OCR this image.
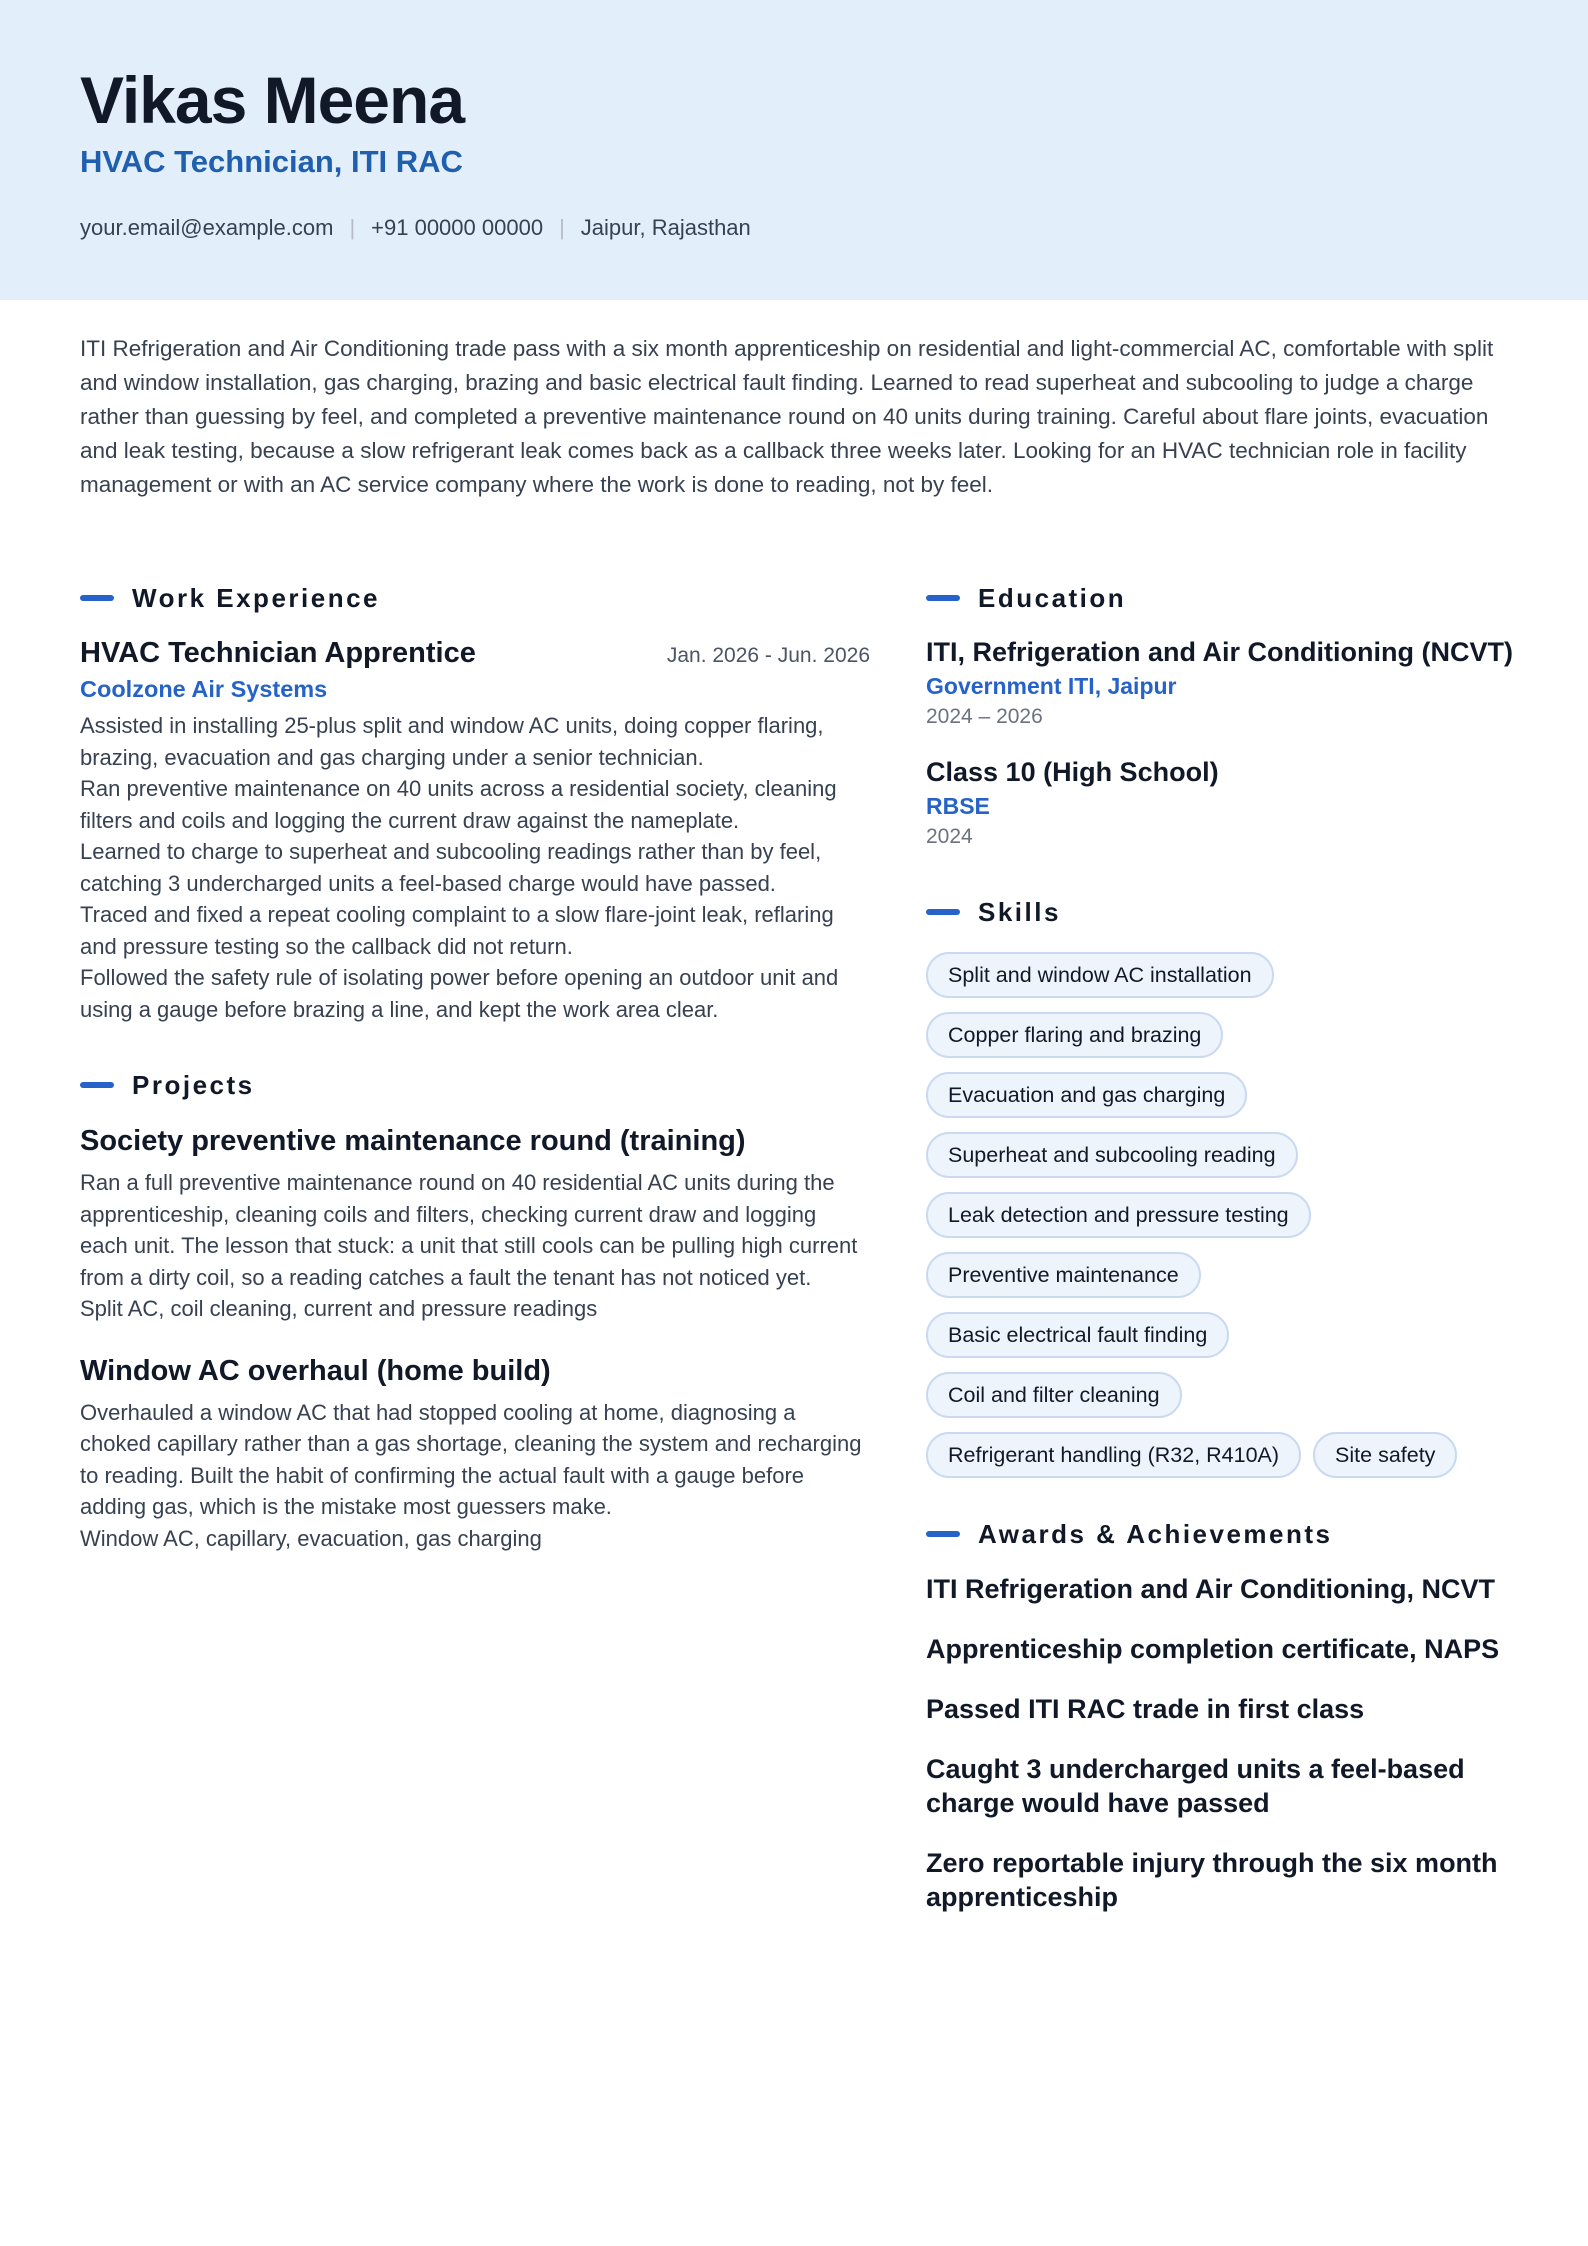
Vikas Meena
HVAC Technician, ITI RAC
your.email@example.com | +91 00000 00000 | Jaipur, Rajasthan
ITI Refrigeration and Air Conditioning trade pass with a six month apprenticeship on residential and light-commercial AC, comfortable with split and window installation, gas charging, brazing and basic electrical fault finding. Learned to read superheat and subcooling to judge a charge rather than guessing by feel, and completed a preventive maintenance round on 40 units during training. Careful about flare joints, evacuation and leak testing, because a slow refrigerant leak comes back as a callback three weeks later. Looking for an HVAC technician role in facility management or with an AC service company where the work is done to reading, not by feel.
Work Experience
HVAC Technician Apprentice	Jan. 2026 - Jun. 2026
Coolzone Air Systems
Assisted in installing 25-plus split and window AC units, doing copper flaring, brazing, evacuation and gas charging under a senior technician.
Ran preventive maintenance on 40 units across a residential society, cleaning filters and coils and logging the current draw against the nameplate.
Learned to charge to superheat and subcooling readings rather than by feel, catching 3 undercharged units a feel-based charge would have passed.
Traced and fixed a repeat cooling complaint to a slow flare-joint leak, reflaring and pressure testing so the callback did not return.
Followed the safety rule of isolating power before opening an outdoor unit and using a gauge before brazing a line, and kept the work area clear.
Projects
Society preventive maintenance round (training)
Ran a full preventive maintenance round on 40 residential AC units during the apprenticeship, cleaning coils and filters, checking current draw and logging each unit. The lesson that stuck: a unit that still cools can be pulling high current from a dirty coil, so a reading catches a fault the tenant has not noticed yet.
Split AC, coil cleaning, current and pressure readings
Window AC overhaul (home build)
Overhauled a window AC that had stopped cooling at home, diagnosing a choked capillary rather than a gas shortage, cleaning the system and recharging to reading. Built the habit of confirming the actual fault with a gauge before adding gas, which is the mistake most guessers make.
Window AC, capillary, evacuation, gas charging
Education
ITI, Refrigeration and Air Conditioning (NCVT)
Government ITI, Jaipur
2024 – 2026
Class 10 (High School)
RBSE
2024
Skills
Split and window AC installation
Copper flaring and brazing
Evacuation and gas charging
Superheat and subcooling reading
Leak detection and pressure testing
Preventive maintenance
Basic electrical fault finding
Coil and filter cleaning
Refrigerant handling (R32, R410A)	Site safety
Awards & Achievements
ITI Refrigeration and Air Conditioning, NCVT
Apprenticeship completion certificate, NAPS
Passed ITI RAC trade in first class
Caught 3 undercharged units a feel-based charge would have passed
Zero reportable injury through the six month apprenticeship
